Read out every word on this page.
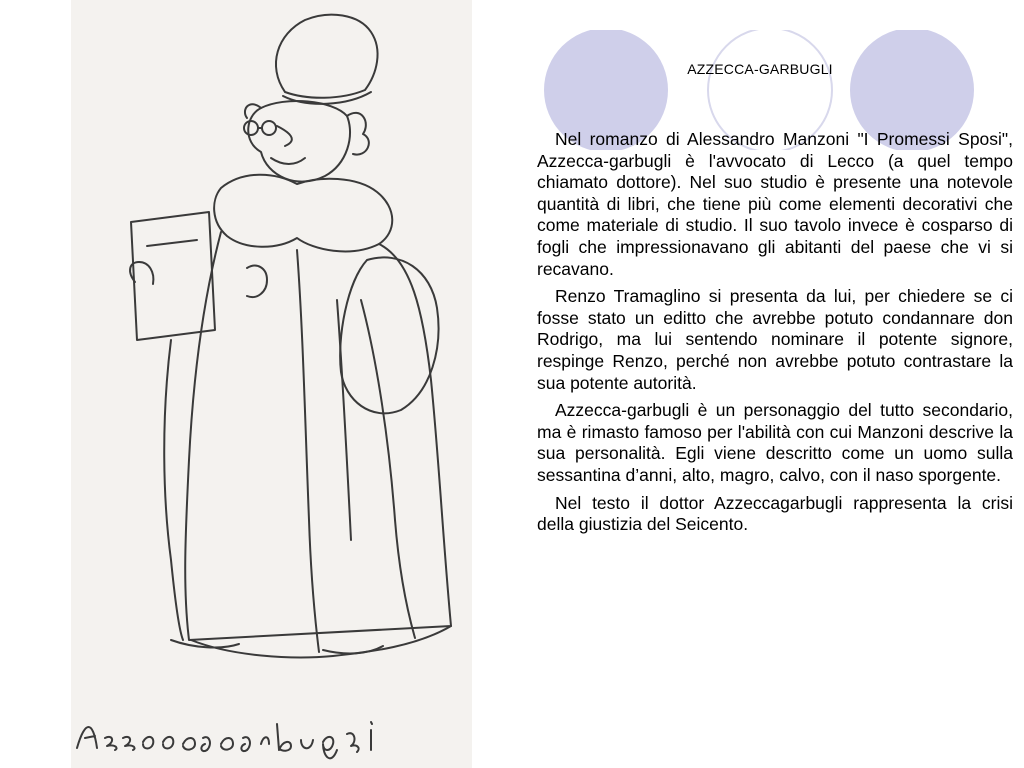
AZZECCA-GARBUGLI

Nel romanzo di Alessandro Manzoni "I Promessi Sposi", Azzecca-garbugli è l'avvocato di Lecco (a quel tempo chiamato dottore). Nel suo studio è presente una notevole quantità di libri, che tiene più come elementi decorativi che come materiale di studio. Il suo tavolo invece è cosparso di fogli che impressionavano gli abitanti del paese che vi si recavano.

Renzo Tramaglino si presenta da lui, per chiedere se ci fosse stato un editto che avrebbe potuto condannare don Rodrigo, ma lui sentendo nominare il potente signore, respinge Renzo, perché non avrebbe potuto contrastare la sua potente autorità.

Azzecca-garbugli è un personaggio del tutto secondario, ma è rimasto famoso per l'abilità con cui Manzoni descrive la sua personalità. Egli viene descritto come un uomo sulla sessantina d’anni, alto, magro, calvo, con il naso sporgente.

Nel testo il dottor Azzeccagarbugli rappresenta la crisi della giustizia del Seicento.
